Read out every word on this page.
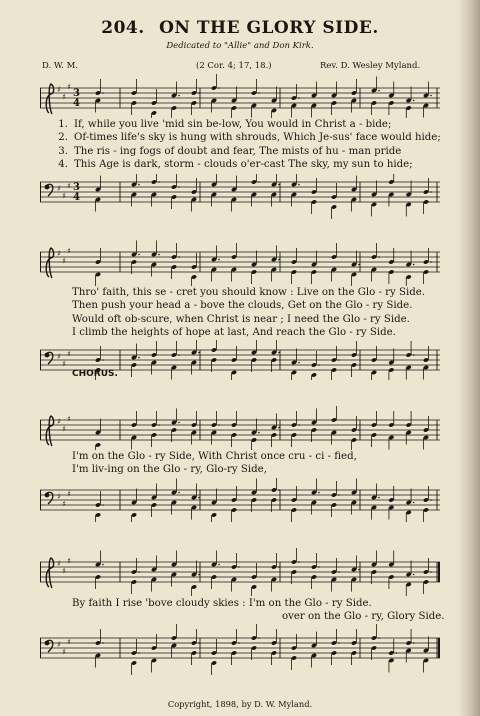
204. ON THE GLORY SIDE.
Dedicated to "Allie" and Don Kirk.
D. W. M.	(2 Cor. 4; 17, 18.)	Rev. D. Wesley Myland.
♯
♯
♯
3
4
1. If, while you live 'mid sin be-low, You would in Christ a - bide;
2. Of-times life's sky is hung with shrouds, Which Je-sus' face would hide;
3. The ris - ing fogs of doubt and fear, The mists of hu - man pride
4. This Age is dark, storm - clouds o'er-cast The sky, my sun to hide;
♯
♯
♯ 3
4
♯
♯
♯
Thro' faith, this se - cret you should know : Live on the Glo - ry Side.
Then push your head a - bove the clouds, Get on the Glo - ry Side.
Would oft ob-scure, when Christ is near ; I need the Glo - ry Side.
I climb the heights of hope at last, And reach the Glo - ry Side.
♯
♯
♯
CHORUS.
♯
♯
♯
I'm on the Glo - ry Side, With Christ once cru - ci - fied,
I'm liv-ing on the Glo - ry, Glo-ry Side,
♯
♯
♯
♯
♯
♯
By faith I rise 'bove cloudy skies : I'm on the Glo - ry Side.
over on the Glo - ry, Glory Side.
♯
♯
♯
Copyright, 1898, by D. W. Myland.
